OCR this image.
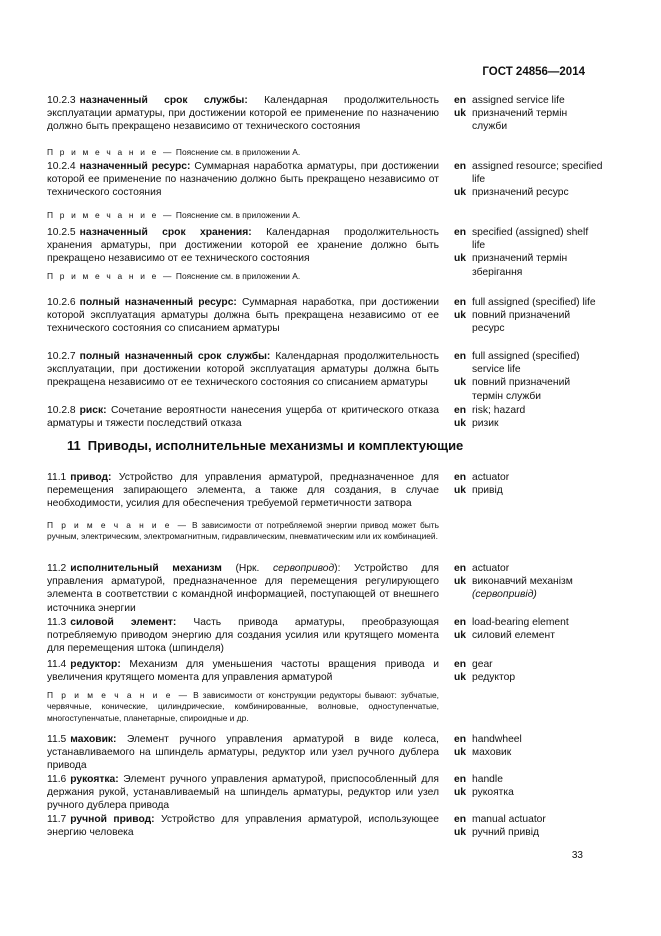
ГОСТ 24856—2014
10.2.3 назначенный срок службы: Календарная продолжительность эксплуатации арматуры, при достижении которой ее применение по назначению должно быть прекращено независимо от технического состояния
en assigned service life
uk призначений термін служби
П р и м е ч а н и е — Пояснение см. в приложении А.
10.2.4 назначенный ресурс: Суммарная наработка арматуры, при достижении которой ее применение по назначению должно быть прекращено независимо от технического состояния
en assigned resource; specified life
uk призначений ресурс
П р и м е ч а н и е — Пояснение см. в приложении А.
10.2.5 назначенный срок хранения: Календарная продолжительность хранения арматуры, при достижении которой ее хранение должно быть прекращено независимо от ее технического состояния
en specified (assigned) shelf life
uk призначений термін зберігання
П р и м е ч а н и е — Пояснение см. в приложении А.
10.2.6 полный назначенный ресурс: Суммарная наработка, при достижении которой эксплуатация арматуры должна быть прекращена независимо от ее технического состояния со списанием арматуры
en full assigned (specified) life
uk повний призначений ресурс
10.2.7 полный назначенный срок службы: Календарная продолжительность эксплуатации, при достижении которой эксплуатация арматуры должна быть прекращена независимо от ее технического состояния со списанием арматуры
en full assigned (specified) service life
uk повний призначений термін служби
10.2.8 риск: Сочетание вероятности нанесения ущерба от критического отказа арматуры и тяжести последствий отказа
en risk; hazard
uk ризик
11 Приводы, исполнительные механизмы и комплектующие
11.1 привод: Устройство для управления арматурой, предназначенное для перемещения запирающего элемента, а также для создания, в случае необходимости, усилия для обеспечения требуемой герметичности затвора
en actuator
uk привід
П р и м е ч а н и е — В зависимости от потребляемой энергии привод может быть ручным, электрическим, электромагнитным, гидравлическим, пневматическим или их комбинацией.
11.2 исполнительный механизм (Нрк. сервопривод): Устройство для управления арматурой, предназначенное для перемещения регулирующего элемента в соответствии с командной информацией, поступающей от внешнего источника энергии
en actuator
uk виконавчий механізм
(сервопривід)
11.3 силовой элемент: Часть привода арматуры, преобразующая потребляемую приводом энергию для создания усилия или крутящего момента для перемещения штока (шпинделя)
en load-bearing element
uk силовий елемент
11.4 редуктор: Механизм для уменьшения частоты вращения привода и увеличения крутящего момента для управления арматурой
en gear
uk редуктор
П р и м е ч а н и е — В зависимости от конструкции редукторы бывают: зубчатые, червячные, конические, цилиндрические, комбинированные, волновые, одноступенчатые, многоступенчатые, планетарные, спироидные и др.
11.5 маховик: Элемент ручного управления арматурой в виде колеса, устанавливаемого на шпиндель арматуры, редуктор или узел ручного дублера привода
en handwheel
uk маховик
11.6 рукоятка: Элемент ручного управления арматурой, приспособленный для держания рукой, устанавливаемый на шпиндель арматуры, редуктор или узел ручного дублера привода
en handle
uk рукоятка
11.7 ручной привод: Устройство для управления арматурой, использующее энергию человека
en manual actuator
uk ручний привід
33
